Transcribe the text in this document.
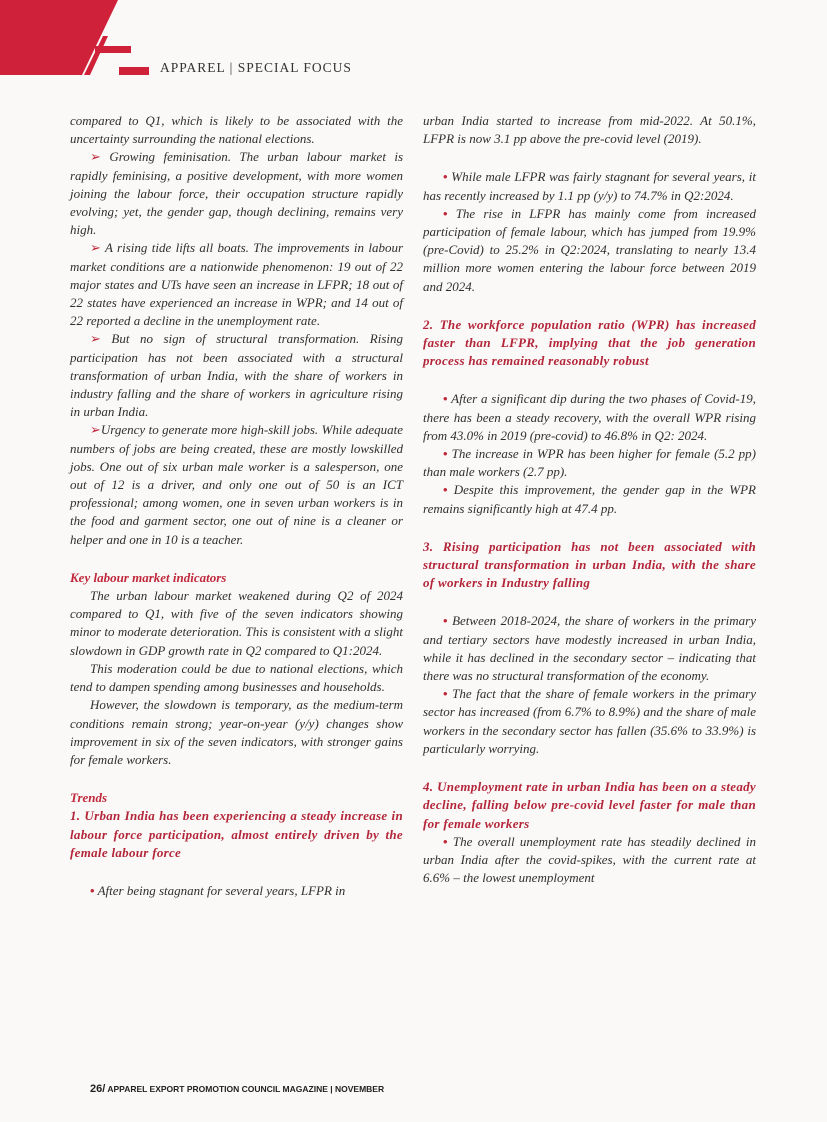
APPAREL | SPECIAL FOCUS

compared to Q1, which is likely to be associated with the uncertainty surrounding the national elections.

➢ Growing feminisation. The urban labour market is rapidly feminising, a positive development, with more women joining the labour force, their occupation structure rapidly evolving; yet, the gender gap, though declining, remains very high.

➢ A rising tide lifts all boats. The improvements in labour market conditions are a nationwide phenomenon: 19 out of 22 major states and UTs have seen an increase in LFPR; 18 out of 22 states have experienced an increase in WPR; and 14 out of 22 reported a decline in the unemployment rate.

➢ But no sign of structural transformation. Rising participation has not been associated with a structural transformation of urban India, with the share of workers in industry falling and the share of workers in agriculture rising in urban India.

➢Urgency to generate more high-skill jobs. While adequate numbers of jobs are being created, these are mostly lowskilled jobs. One out of six urban male worker is a salesperson, one out of 12 is a driver, and only one out of 50 is an ICT professional; among women, one in seven urban workers is in the food and garment sector, one out of nine is a cleaner or helper and one in 10 is a teacher.

Key labour market indicators

The urban labour market weakened during Q2 of 2024 compared to Q1, with five of the seven indicators showing minor to moderate deterioration. This is consistent with a slight slowdown in GDP growth rate in Q2 compared to Q1:2024.

This moderation could be due to national elections, which tend to dampen spending among businesses and households.

However, the slowdown is temporary, as the medium-term conditions remain strong; year-on-year (y/y) changes show improvement in six of the seven indicators, with stronger gains for female workers.

Trends

1. Urban India has been experiencing a steady increase in labour force participation, almost entirely driven by the female labour force

• After being stagnant for several years, LFPR in

urban India started to increase from mid-2022. At 50.1%, LFPR is now 3.1 pp above the pre-covid level (2019).

• While male LFPR was fairly stagnant for several years, it has recently increased by 1.1 pp (y/y) to 74.7% in Q2:2024.

• The rise in LFPR has mainly come from increased participation of female labour, which has jumped from 19.9% (pre-Covid) to 25.2% in Q2:2024, translating to nearly 13.4 million more women entering the labour force between 2019 and 2024.

2. The workforce population ratio (WPR) has increased faster than LFPR, implying that the job generation process has remained reasonably robust

• After a significant dip during the two phases of Covid-19, there has been a steady recovery, with the overall WPR rising from 43.0% in 2019 (pre-covid) to 46.8% in Q2: 2024.

• The increase in WPR has been higher for female (5.2 pp) than male workers (2.7 pp).

• Despite this improvement, the gender gap in the WPR remains significantly high at 47.4 pp.

3. Rising participation has not been associated with structural transformation in urban India, with the share of workers in Industry falling

• Between 2018-2024, the share of workers in the primary and tertiary sectors have modestly increased in urban India, while it has declined in the secondary sector – indicating that there was no structural transformation of the economy.

• The fact that the share of female workers in the primary sector has increased (from 6.7% to 8.9%) and the share of male workers in the secondary sector has fallen (35.6% to 33.9%) is particularly worrying.

4. Unemployment rate in urban India has been on a steady decline, falling below pre-covid level faster for male than for female workers

• The overall unemployment rate has steadily declined in urban India after the covid-spikes, with the current rate at 6.6% – the lowest unemployment

26/ APPAREL EXPORT PROMOTION COUNCIL MAGAZINE | NOVEMBER
